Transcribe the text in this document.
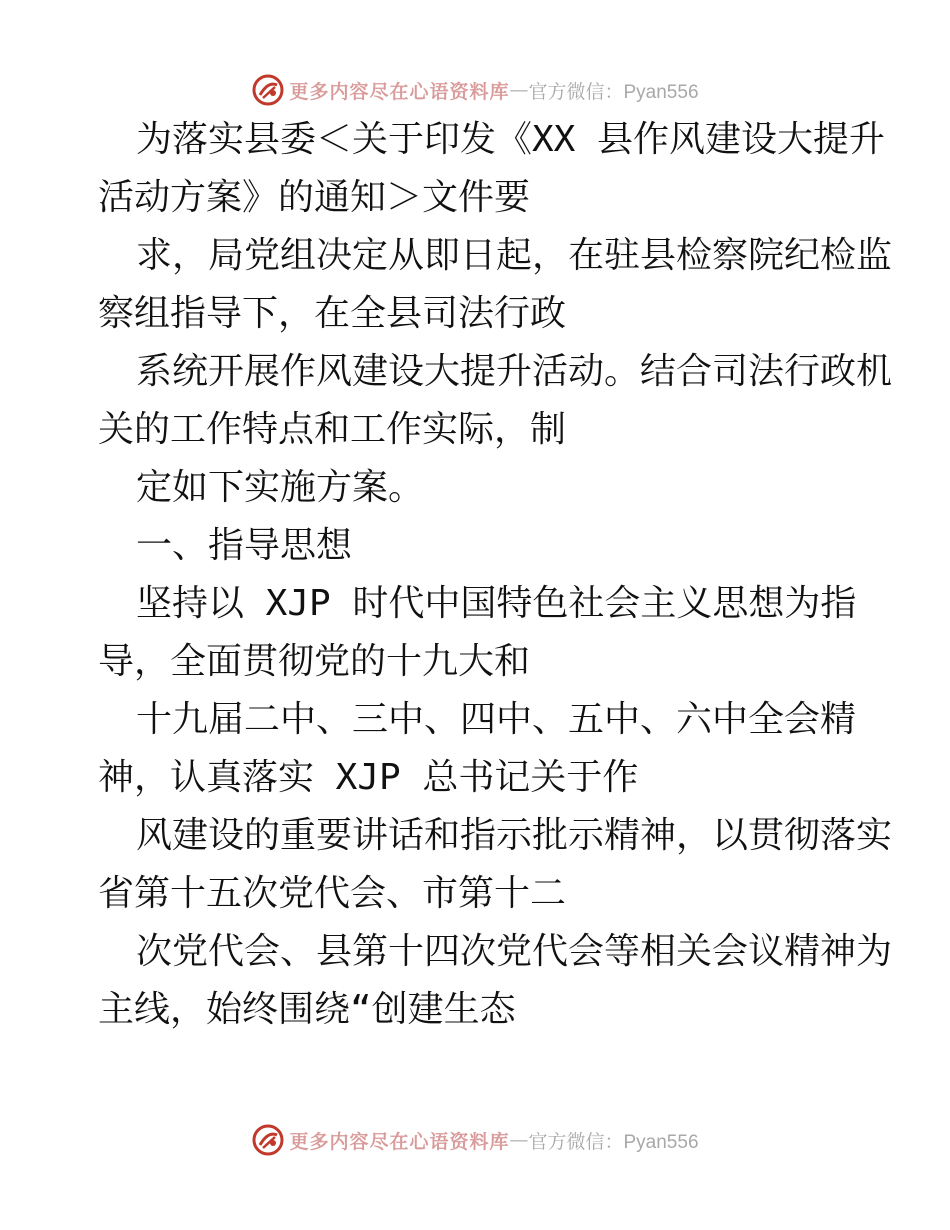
更多内容尽在心语资料库 — 官方微信：Pyan556
为落实县委＜关于印发《XX 县作风建设大提升
活动方案》的通知＞文件要
求，局党组决定从即日起，在驻县检察院纪检监
察组指导下，在全县司法行政
系统开展作风建设大提升活动。结合司法行政机
关的工作特点和工作实际，制
定如下实施方案。
一、指导思想
坚持以 XJP 时代中国特色社会主义思想为指
导，全面贯彻党的十九大和
十九届二中、三中、四中、五中、六中全会精
神，认真落实 XJP 总书记关于作
风建设的重要讲话和指示批示精神，以贯彻落实
省第十五次党代会、市第十二
次党代会、县第十四次党代会等相关会议精神为
主线，始终围绕“创建生态
更多内容尽在心语资料库 — 官方微信：Pyan556
